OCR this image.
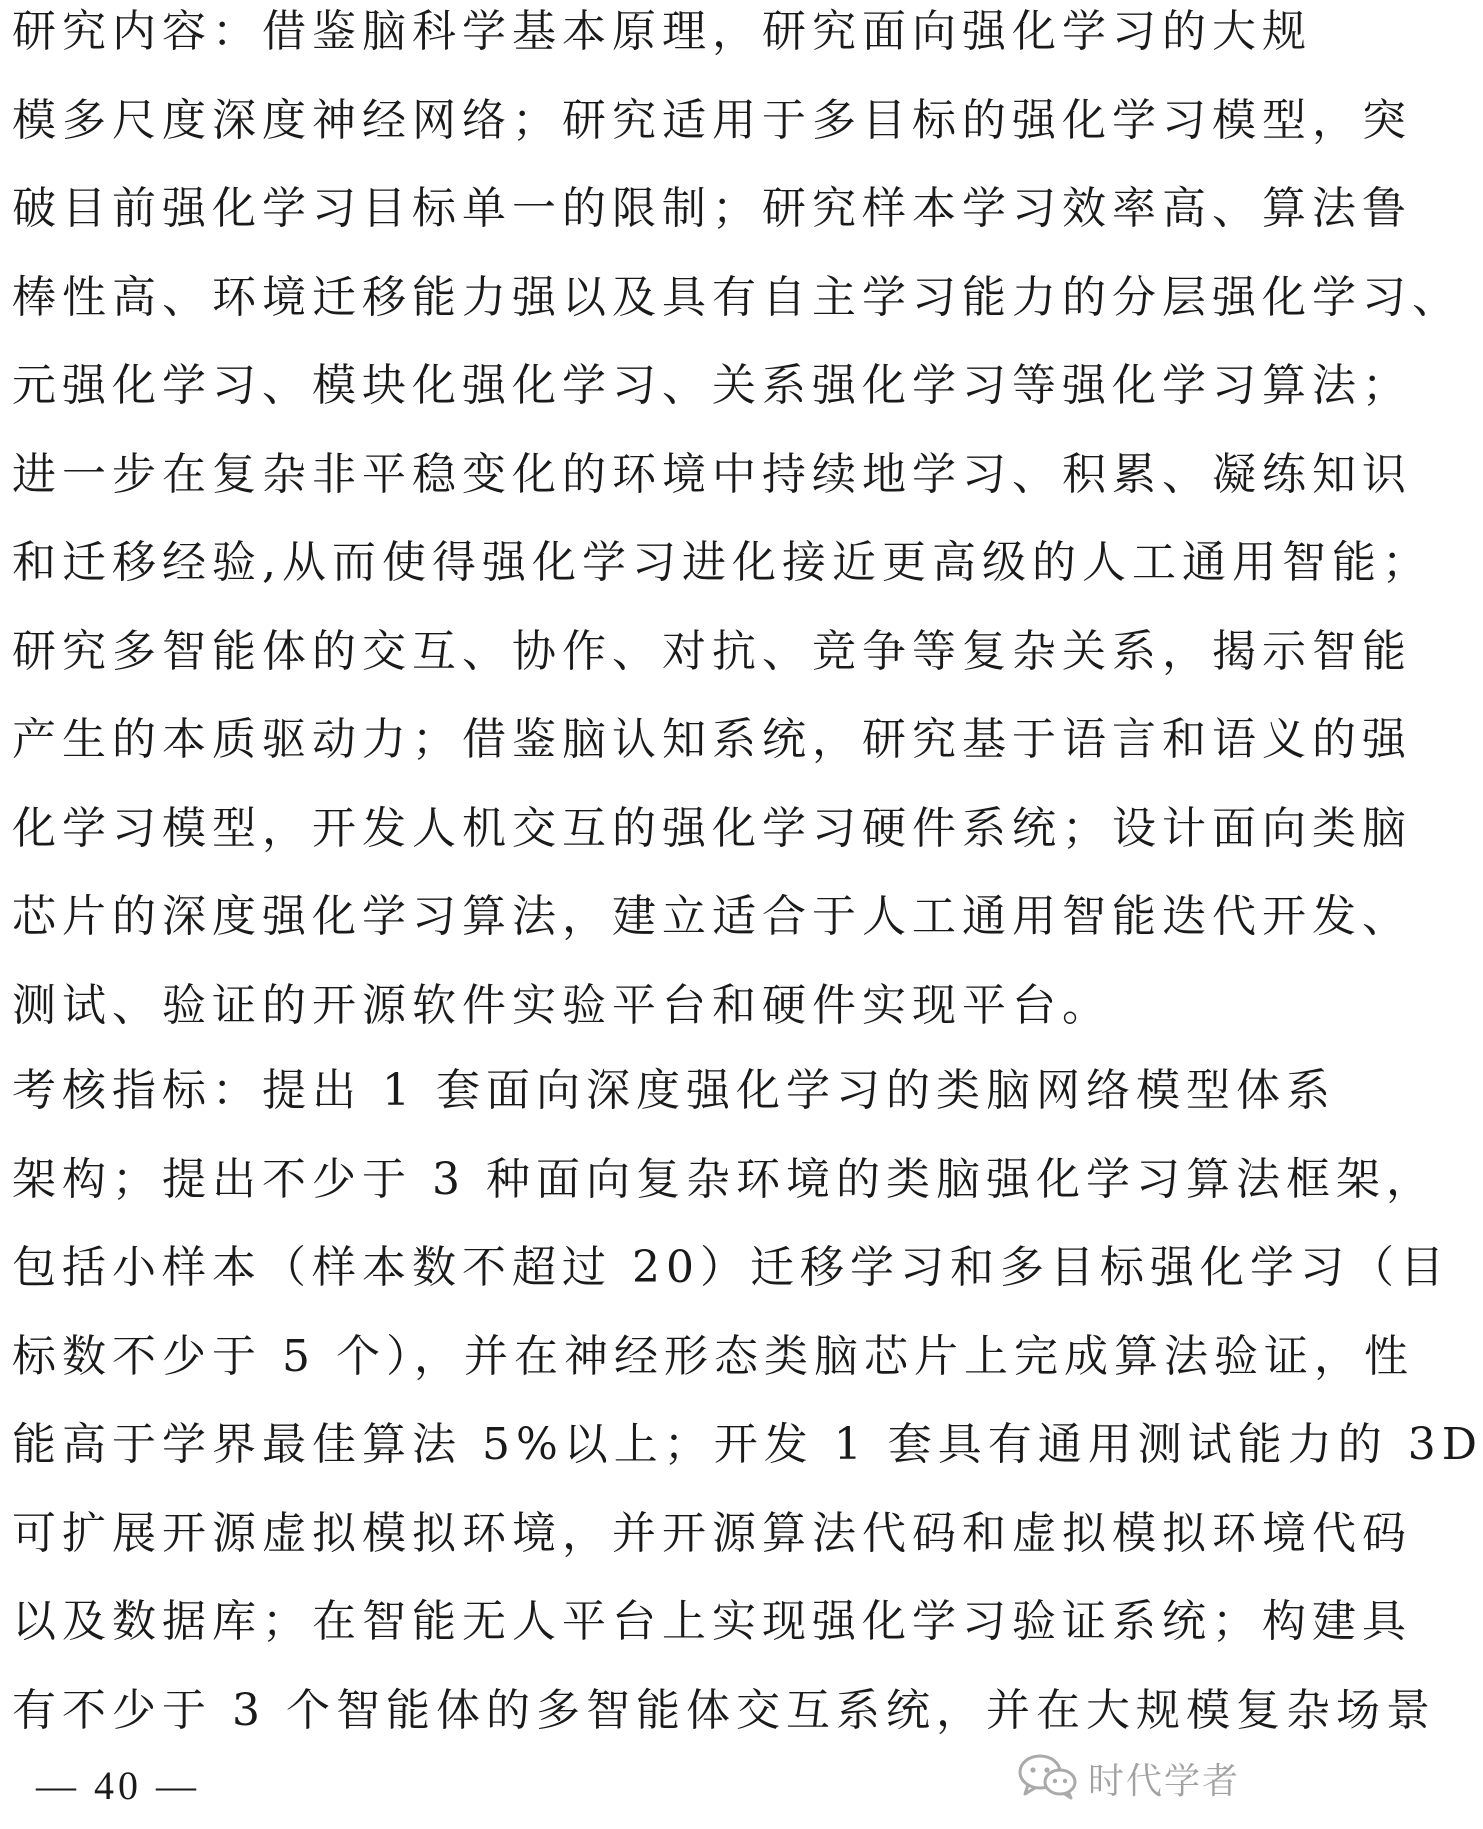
研究内容：借鉴脑科学基本原理，研究面向强化学习的大规
模多尺度深度神经网络；研究适用于多目标的强化学习模型，突
破目前强化学习目标单一的限制；研究样本学习效率高、算法鲁
棒性高、环境迁移能力强以及具有自主学习能力的分层强化学习、
元强化学习、模块化强化学习、关系强化学习等强化学习算法；
进一步在复杂非平稳变化的环境中持续地学习、积累、凝练知识
和迁移经验,从而使得强化学习进化接近更高级的人工通用智能；
研究多智能体的交互、协作、对抗、竞争等复杂关系，揭示智能
产生的本质驱动力；借鉴脑认知系统，研究基于语言和语义的强
化学习模型，开发人机交互的强化学习硬件系统；设计面向类脑
芯片的深度强化学习算法，建立适合于人工通用智能迭代开发、
测试、验证的开源软件实验平台和硬件实现平台。
考核指标：提出 1 套面向深度强化学习的类脑网络模型体系
架构；提出不少于 3 种面向复杂环境的类脑强化学习算法框架，
包括小样本（样本数不超过 20）迁移学习和多目标强化学习（目
标数不少于 5 个），并在神经形态类脑芯片上完成算法验证，性
能高于学界最佳算法 5%以上；开发 1 套具有通用测试能力的 3D
可扩展开源虚拟模拟环境，并开源算法代码和虚拟模拟环境代码
以及数据库；在智能无人平台上实现强化学习验证系统；构建具
有不少于 3 个智能体的多智能体交互系统，并在大规模复杂场景
— 40 —	时代学者
